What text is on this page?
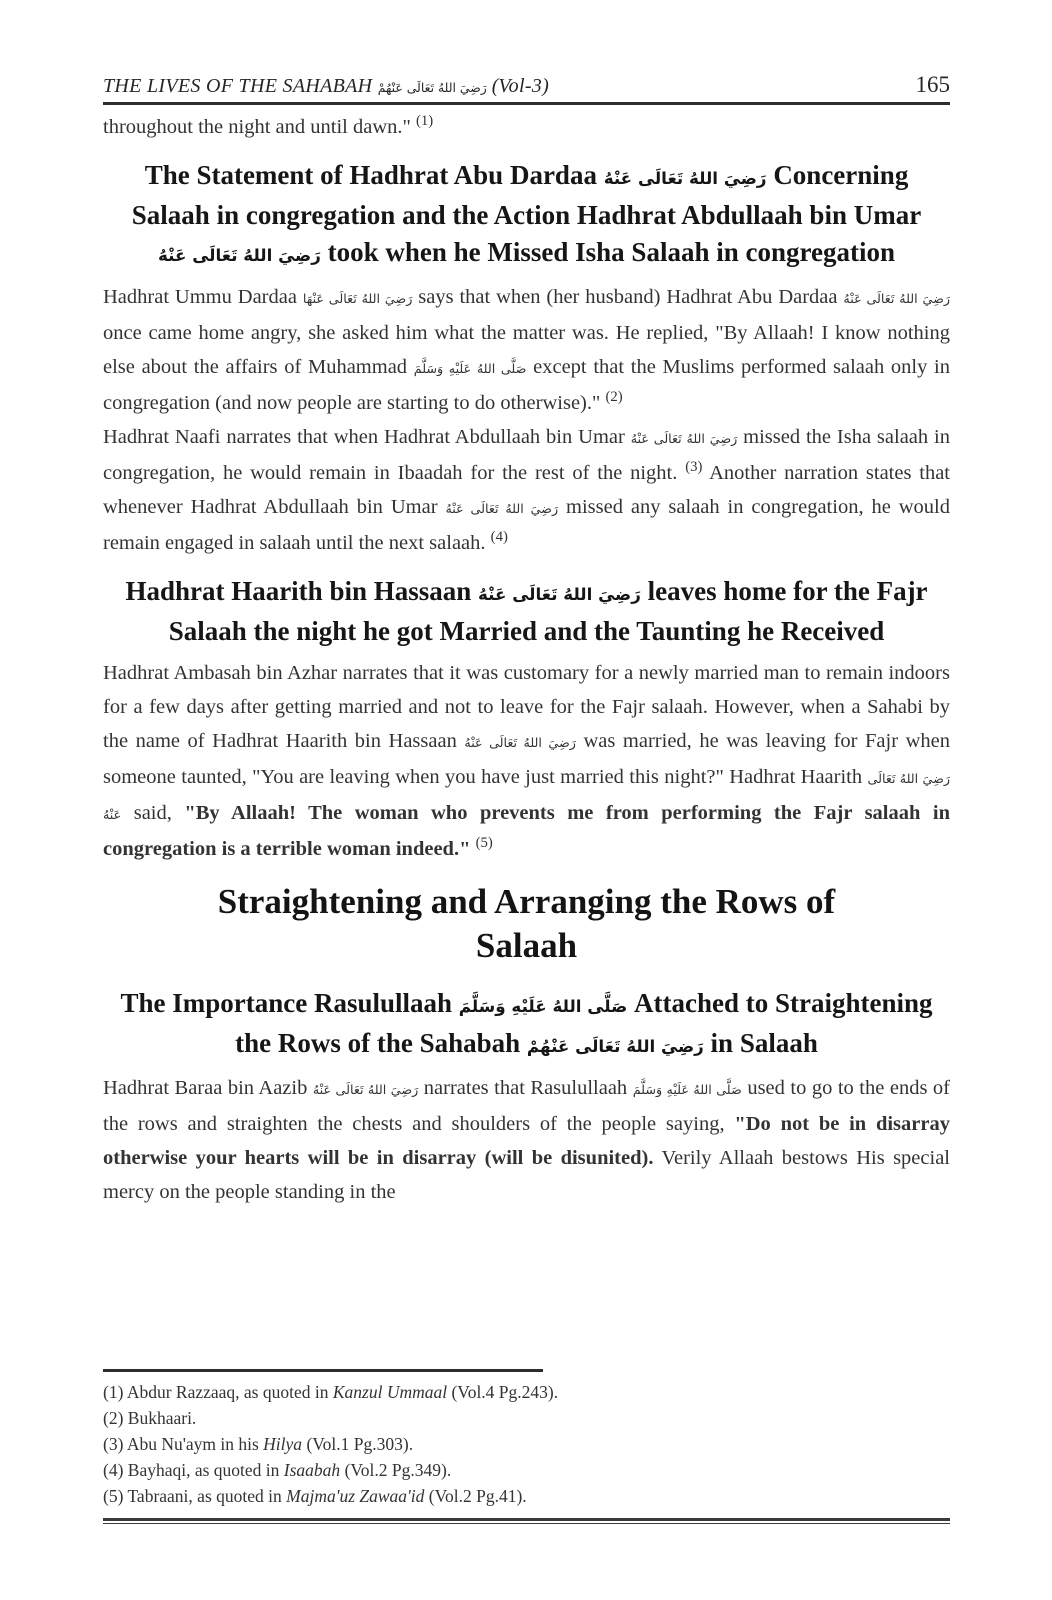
THE LIVES OF THE SAHABAH رَضِيَ اللهُ تَعَالَى عَنْهُمْ (Vol-3)	165

throughout the night and until dawn." $^{(1)}$

The Statement of Hadhrat Abu Dardaa رَضِيَ اللهُ تَعَالَى عَنْهُ Concerning Salaah in congregation and the Action Hadhrat Abdullaah bin Umar رَضِيَ اللهُ تَعَالَى عَنْهُ took when he Missed Isha Salaah in congregation

Hadhrat Ummu Dardaa رَضِيَ اللهُ تَعَالَى عَنْهَا says that when (her husband) Hadhrat Abu Dardaa رَضِيَ اللهُ تَعَالَى عَنْهُ once came home angry, she asked him what the matter was. He replied, "By Allaah! I know nothing else about the affairs of Muhammad صَلَّى اللهُ عَلَيْهِ وَسَلَّمَ except that the Muslims performed salaah only in congregation (and now people are starting to do otherwise)." $^{(2)}$

Hadhrat Naafi narrates that when Hadhrat Abdullaah bin Umar رَضِيَ اللهُ تَعَالَى عَنْهُ missed the Isha salaah in congregation, he would remain in Ibaadah for the rest of the night. $^{(3)}$ Another narration states that whenever Hadhrat Abdullaah bin Umar رَضِيَ اللهُ تَعَالَى عَنْهُ missed any salaah in congregation, he would remain engaged in salaah until the next salaah. $^{(4)}$

Hadhrat Haarith bin Hassaan رَضِيَ اللهُ تَعَالَى عَنْهُ leaves home for the Fajr Salaah the night he got Married and the Taunting he Received

Hadhrat Ambasah bin Azhar narrates that it was customary for a newly married man to remain indoors for a few days after getting married and not to leave for the Fajr salaah. However, when a Sahabi by the name of Hadhrat Haarith bin Hassaan رَضِيَ اللهُ تَعَالَى عَنْهُ was married, he was leaving for Fajr when someone taunted, "You are leaving when you have just married this night?" Hadhrat Haarith رَضِيَ اللهُ تَعَالَى عَنْهُ said, "By Allaah! The woman who prevents me from performing the Fajr salaah in congregation is a terrible woman indeed." $^{(5)}$

Straightening and Arranging the Rows of Salaah
The Importance Rasulullaah صَلَّى اللهُ عَلَيْهِ وَسَلَّمَ Attached to Straightening the Rows of the Sahabah رَضِيَ اللهُ تَعَالَى عَنْهُمْ in Salaah

Hadhrat Baraa bin Aazib رَضِيَ اللهُ تَعَالَى عَنْهُ narrates that Rasulullaah صَلَّى اللهُ عَلَيْهِ وَسَلَّمَ used to go to the ends of the rows and straighten the chests and shoulders of the people saying, "Do not be in disarray otherwise your hearts will be in disarray (will be disunited). Verily Allaah bestows His special mercy on the people standing in the

(1) Abdur Razzaaq, as quoted in Kanzul Ummaal (Vol.4 Pg.243).
(2) Bukhaari.
(3) Abu Nu'aym in his Hilya (Vol.1 Pg.303).
(4) Bayhaqi, as quoted in Isaabah (Vol.2 Pg.349).
(5) Tabraani, as quoted in Majma'uz Zawaa'id (Vol.2 Pg.41).
